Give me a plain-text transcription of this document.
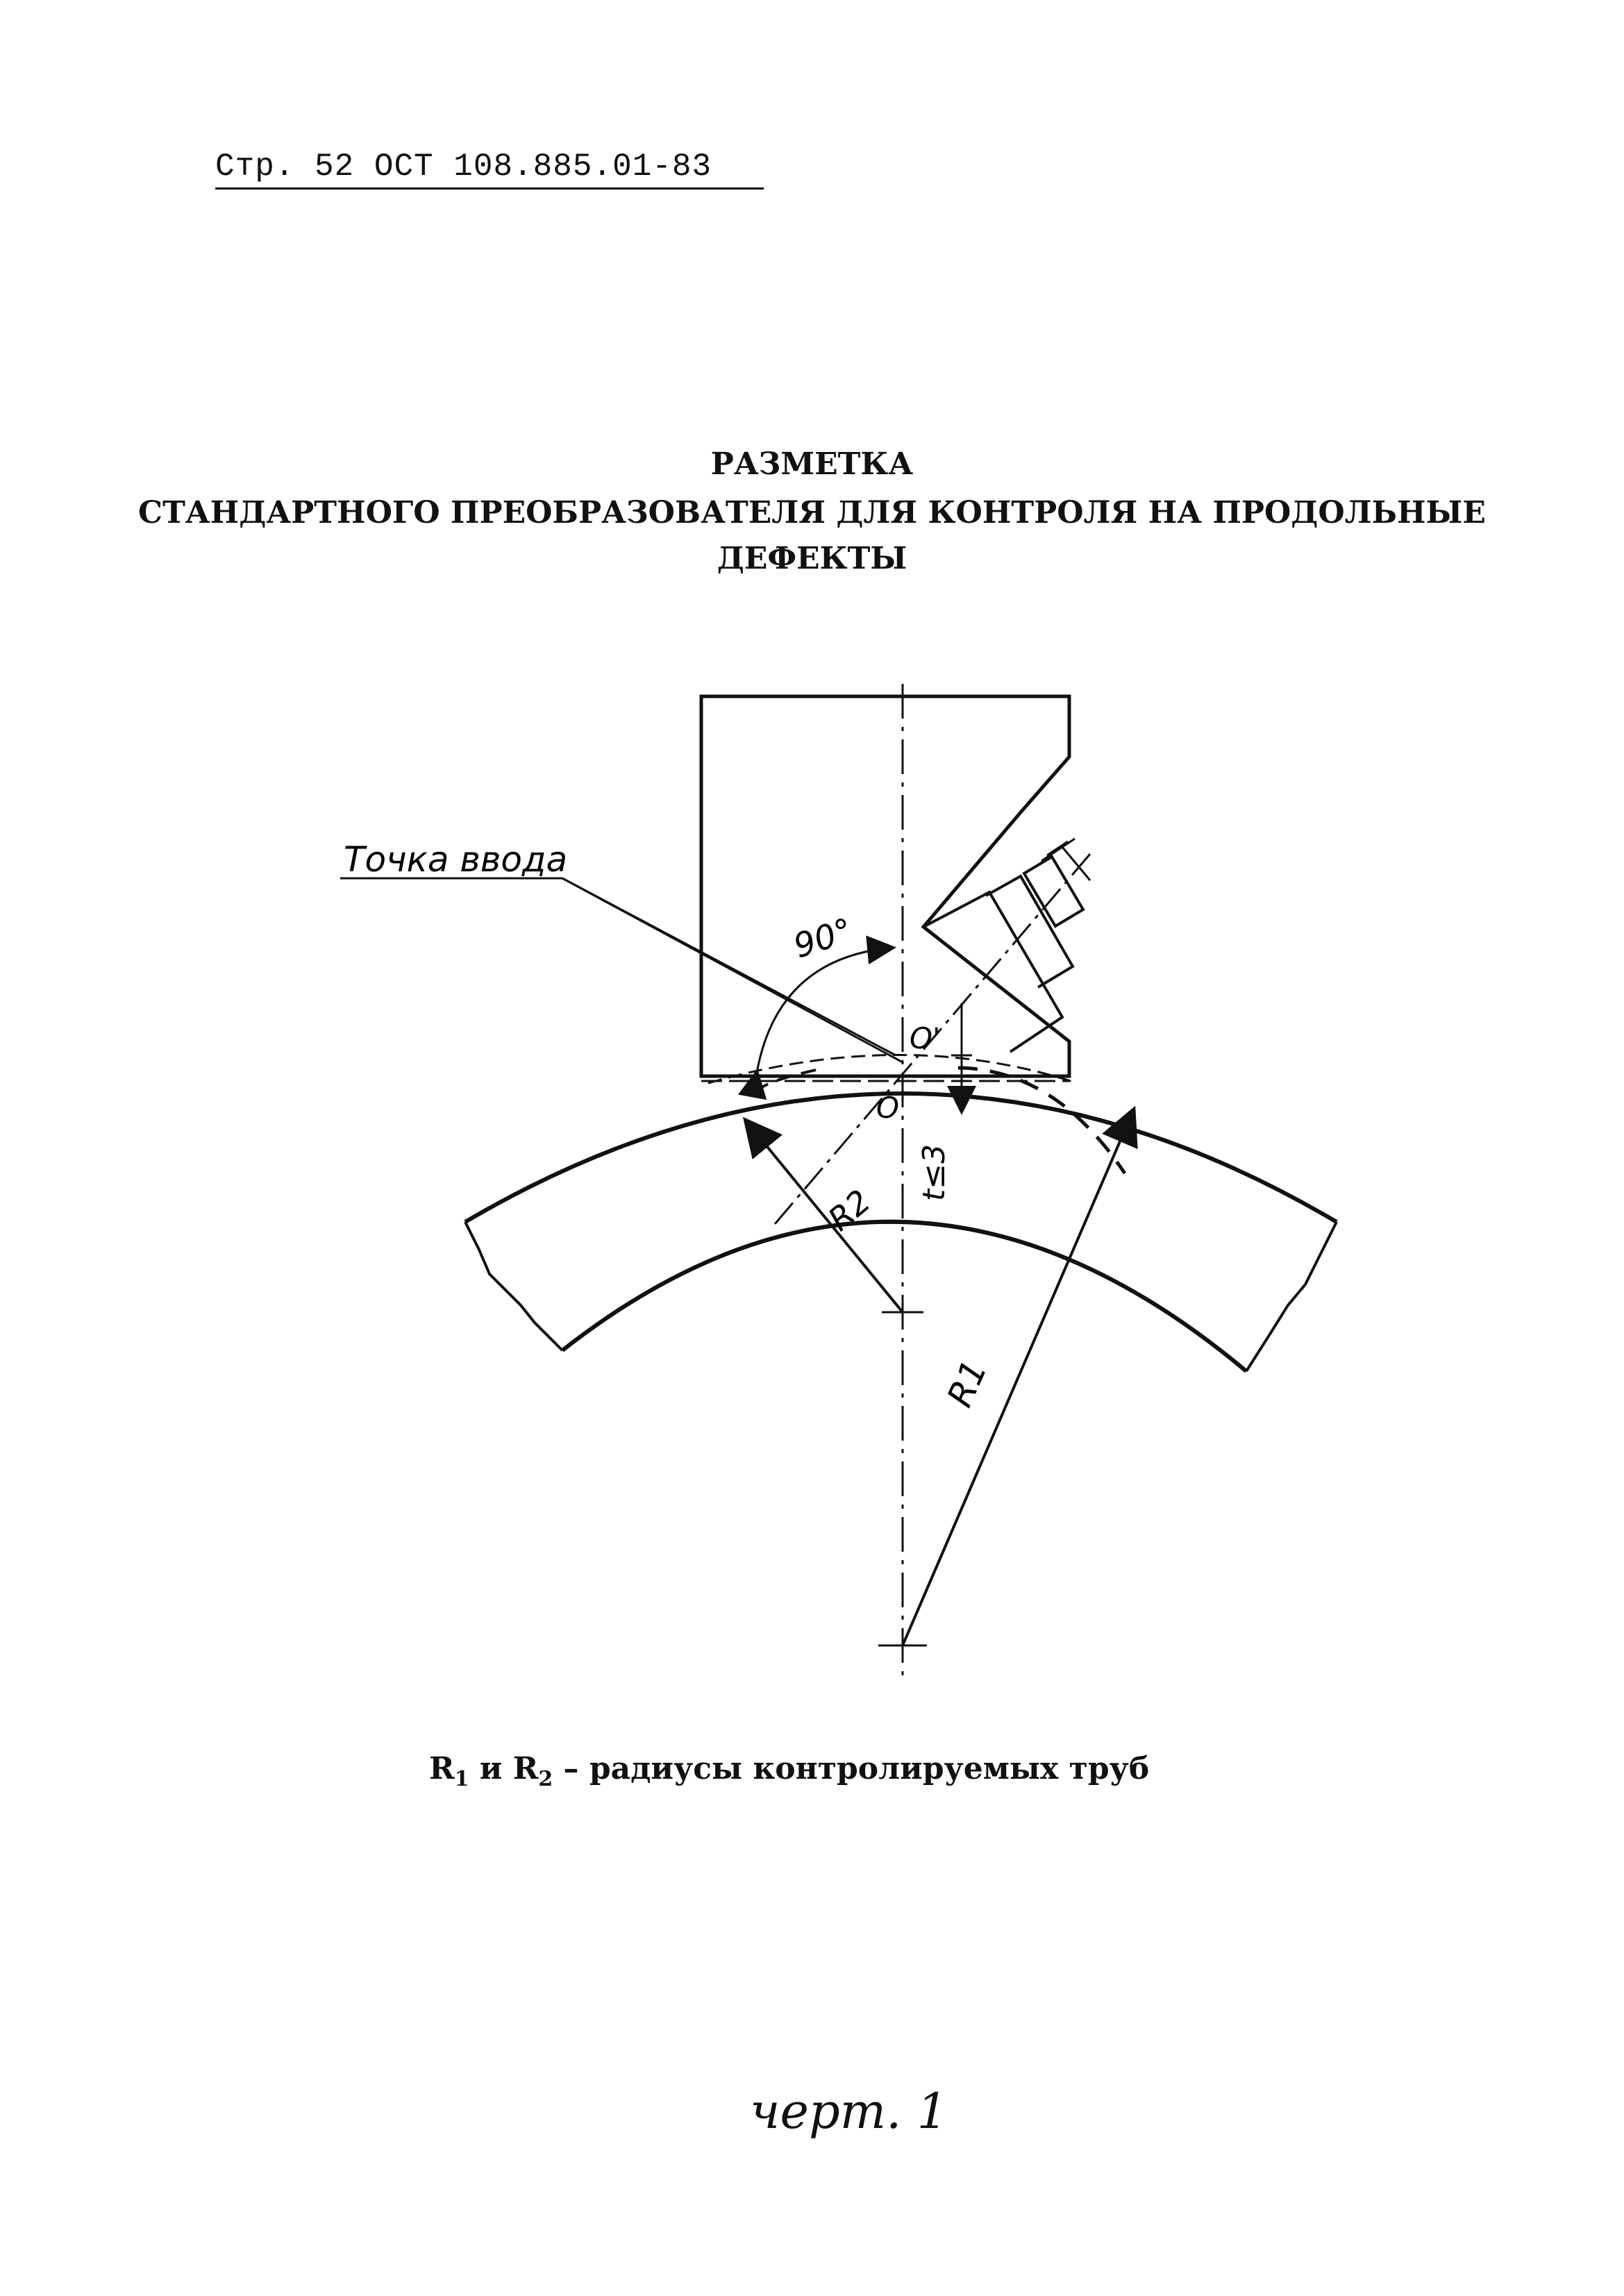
Стр. 52 ОСТ 108.885.01-83
РАЗМЕТКА
СТАНДАРТНОГО ПРЕОБРАЗОВАТЕЛЯ ДЛЯ КОНТРОЛЯ НА ПРОДОЛЬНЫЕ
ДЕФЕКТЫ
Точка ввода
90°
O'
O
t≤3
R2
R1
$R_1$ и $R_2$ – радиусы контролируемых труб
черт. 1
